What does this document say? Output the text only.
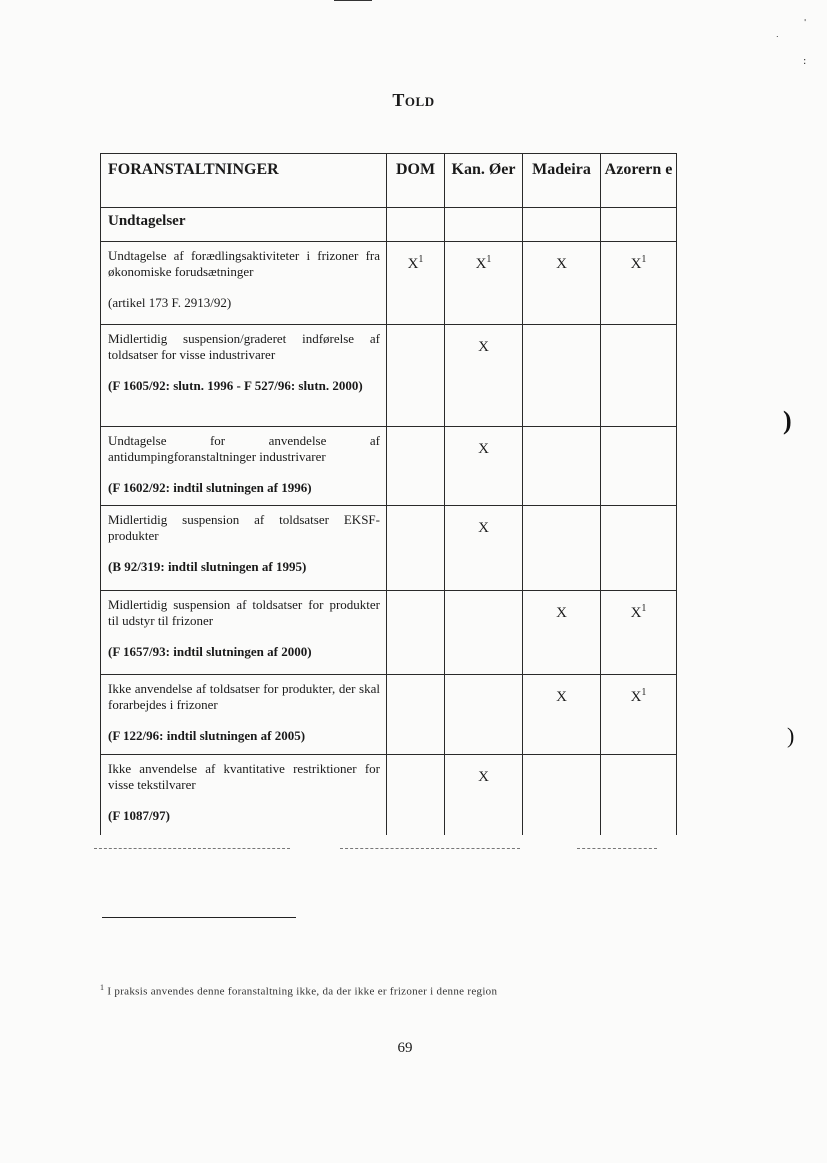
TOLD
FORANSTALTNINGER	DOM	Kan. Øer	Madeira	Azorern e
Undtagelser				

Undtagelse af forædlingsaktiviteter i frizoner fra økonomiske forudsætninger
(artikel 173 F. 2913/92)	$X^1$	$X^1$	X	$X^1$

Midlertidig suspension/graderet indførelse af toldsatser for visse industrivarer
(F 1605/92: slutn. 1996 - F 527/96: slutn. 2000)		X		

Undtagelse for anvendelse af antidumpingforanstaltninger industrivarer
(F 1602/92: indtil slutningen af 1996)		X		

Midlertidig suspension af toldsatser EKSF-produkter
(B 92/319: indtil slutningen af 1995)		X		

Midlertidig suspension af toldsatser for produkter til udstyr til frizoner
(F 1657/93: indtil slutningen af 2000)			X	$X^1$

Ikke anvendelse af toldsatser for produkter, der skal forarbejdes i frizoner
(F 122/96: indtil slutningen af 2005)			X	$X^1$

Ikke anvendelse af kvantitative restriktioner for visse tekstilvarer
(F 1087/97)		X		
$^1$ I praksis anvendes denne foranstaltning ikke, da der ikke er frizoner i denne region
69
)
)
:
.
'
